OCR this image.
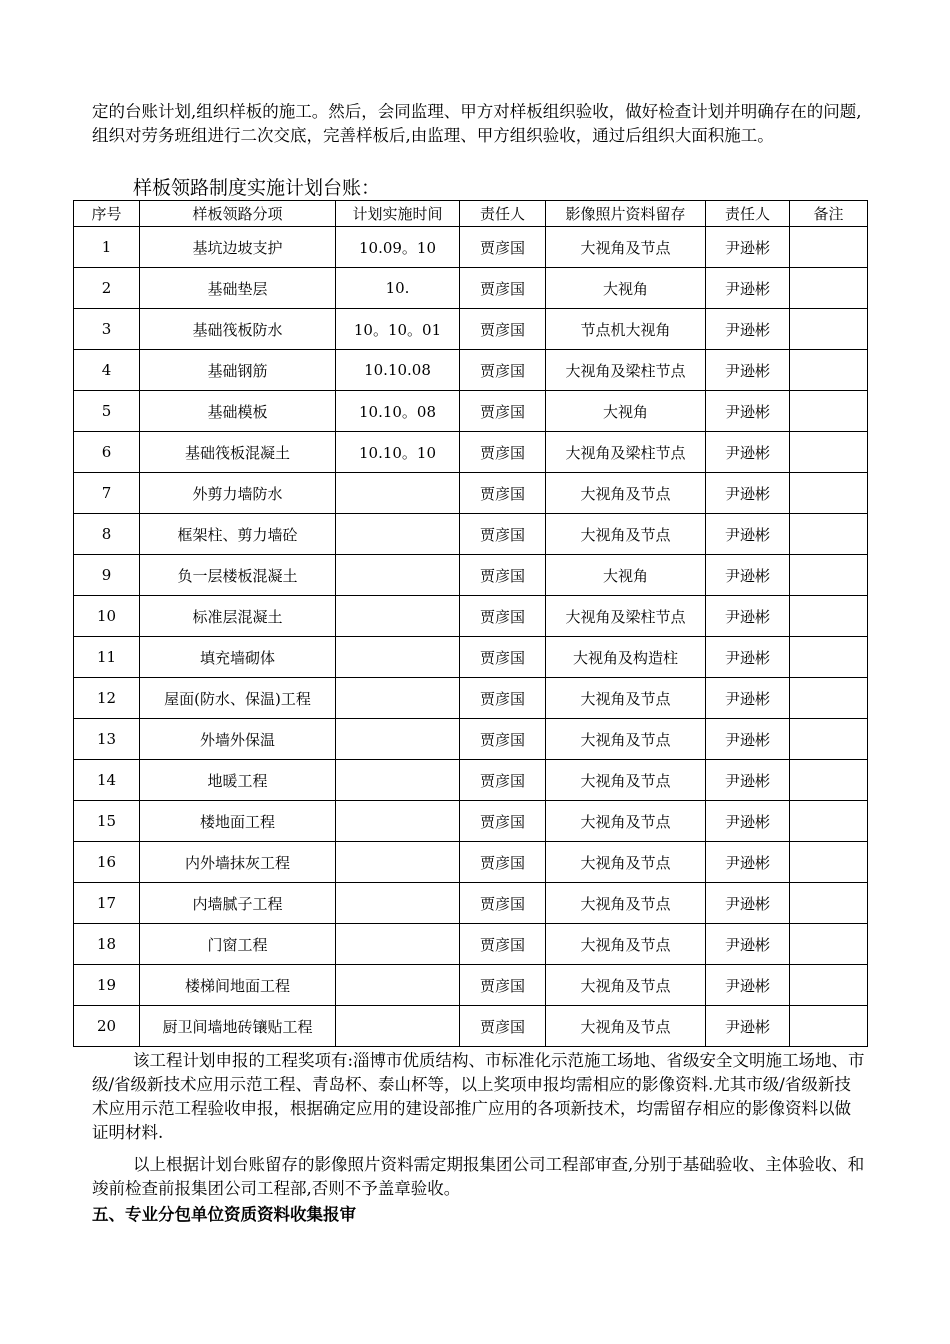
定的台账计划,组织样板的施工。然后，会同监理、甲方对样板组织验收，做好检查计划并明确存在的问题,组织对劳务班组进行二次交底，完善样板后,由监理、甲方组织验收，通过后组织大面积施工。

样板领路制度实施计划台账：

序号	样板领路分项	计划实施时间	责任人	影像照片资料留存	责任人	备注
1	基坑边坡支护	10.09。10	贾彦国	大视角及节点	尹逊彬	
2	基础垫层	10.	贾彦国	大视角	尹逊彬	
3	基础筏板防水	10。10。01	贾彦国	节点机大视角	尹逊彬	
4	基础钢筋	10.10.08	贾彦国	大视角及梁柱节点	尹逊彬	
5	基础模板	10.10。08	贾彦国	大视角	尹逊彬	
6	基础筏板混凝土	10.10。10	贾彦国	大视角及梁柱节点	尹逊彬	
7	外剪力墙防水		贾彦国	大视角及节点	尹逊彬	
8	框架柱、剪力墙砼		贾彦国	大视角及节点	尹逊彬	
9	负一层楼板混凝土		贾彦国	大视角	尹逊彬	
10	标准层混凝土		贾彦国	大视角及梁柱节点	尹逊彬	
11	填充墙砌体		贾彦国	大视角及构造柱	尹逊彬	
12	屋面(防水、保温)工程		贾彦国	大视角及节点	尹逊彬	
13	外墙外保温		贾彦国	大视角及节点	尹逊彬	
14	地暖工程		贾彦国	大视角及节点	尹逊彬	
15	楼地面工程		贾彦国	大视角及节点	尹逊彬	
16	内外墙抹灰工程		贾彦国	大视角及节点	尹逊彬	
17	内墙腻子工程		贾彦国	大视角及节点	尹逊彬	
18	门窗工程		贾彦国	大视角及节点	尹逊彬	
19	楼梯间地面工程		贾彦国	大视角及节点	尹逊彬	
20	厨卫间墙地砖镶贴工程		贾彦国	大视角及节点	尹逊彬	

该工程计划申报的工程奖项有:淄博市优质结构、市标准化示范施工场地、省级安全文明施工场地、市级/省级新技术应用示范工程、青岛杯、泰山杯等，以上奖项申报均需相应的影像资料.尤其市级/省级新技术应用示范工程验收申报，根据确定应用的建设部推广应用的各项新技术，均需留存相应的影像资料以做证明材料.

以上根据计划台账留存的影像照片资料需定期报集团公司工程部审查,分别于基础验收、主体验收、和竣前检查前报集团公司工程部,否则不予盖章验收。

五、专业分包单位资质资料收集报审
